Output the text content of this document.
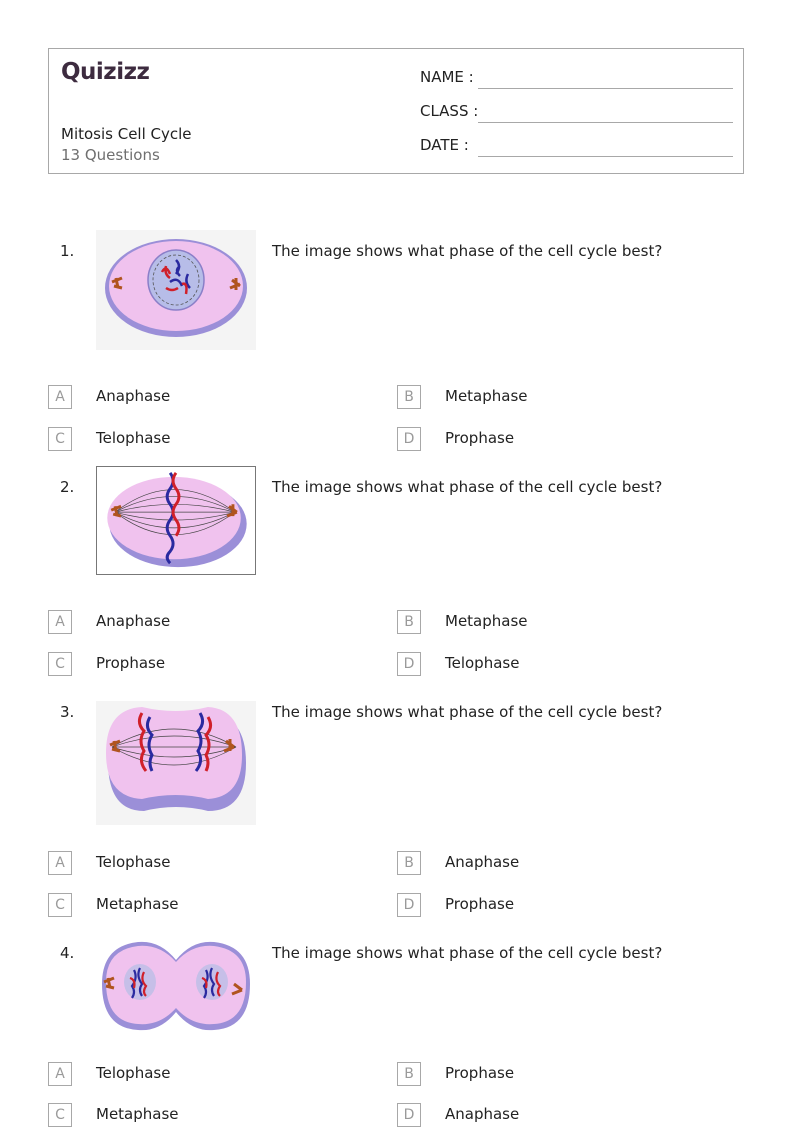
Quizizz
Mitosis Cell Cycle
13 Questions
NAME :
CLASS :
DATE :
1.	The image shows what phase of the cell cycle best?
A	Anaphase	B	Metaphase
C	Telophase	D	Prophase
2.	The image shows what phase of the cell cycle best?
A	Anaphase	B	Metaphase
C	Prophase	D	Telophase
3.	The image shows what phase of the cell cycle best?
A	Telophase	B	Anaphase
C	Metaphase	D	Prophase
4.	The image shows what phase of the cell cycle best?
A	Telophase	B	Prophase
C	Metaphase	D	Anaphase
